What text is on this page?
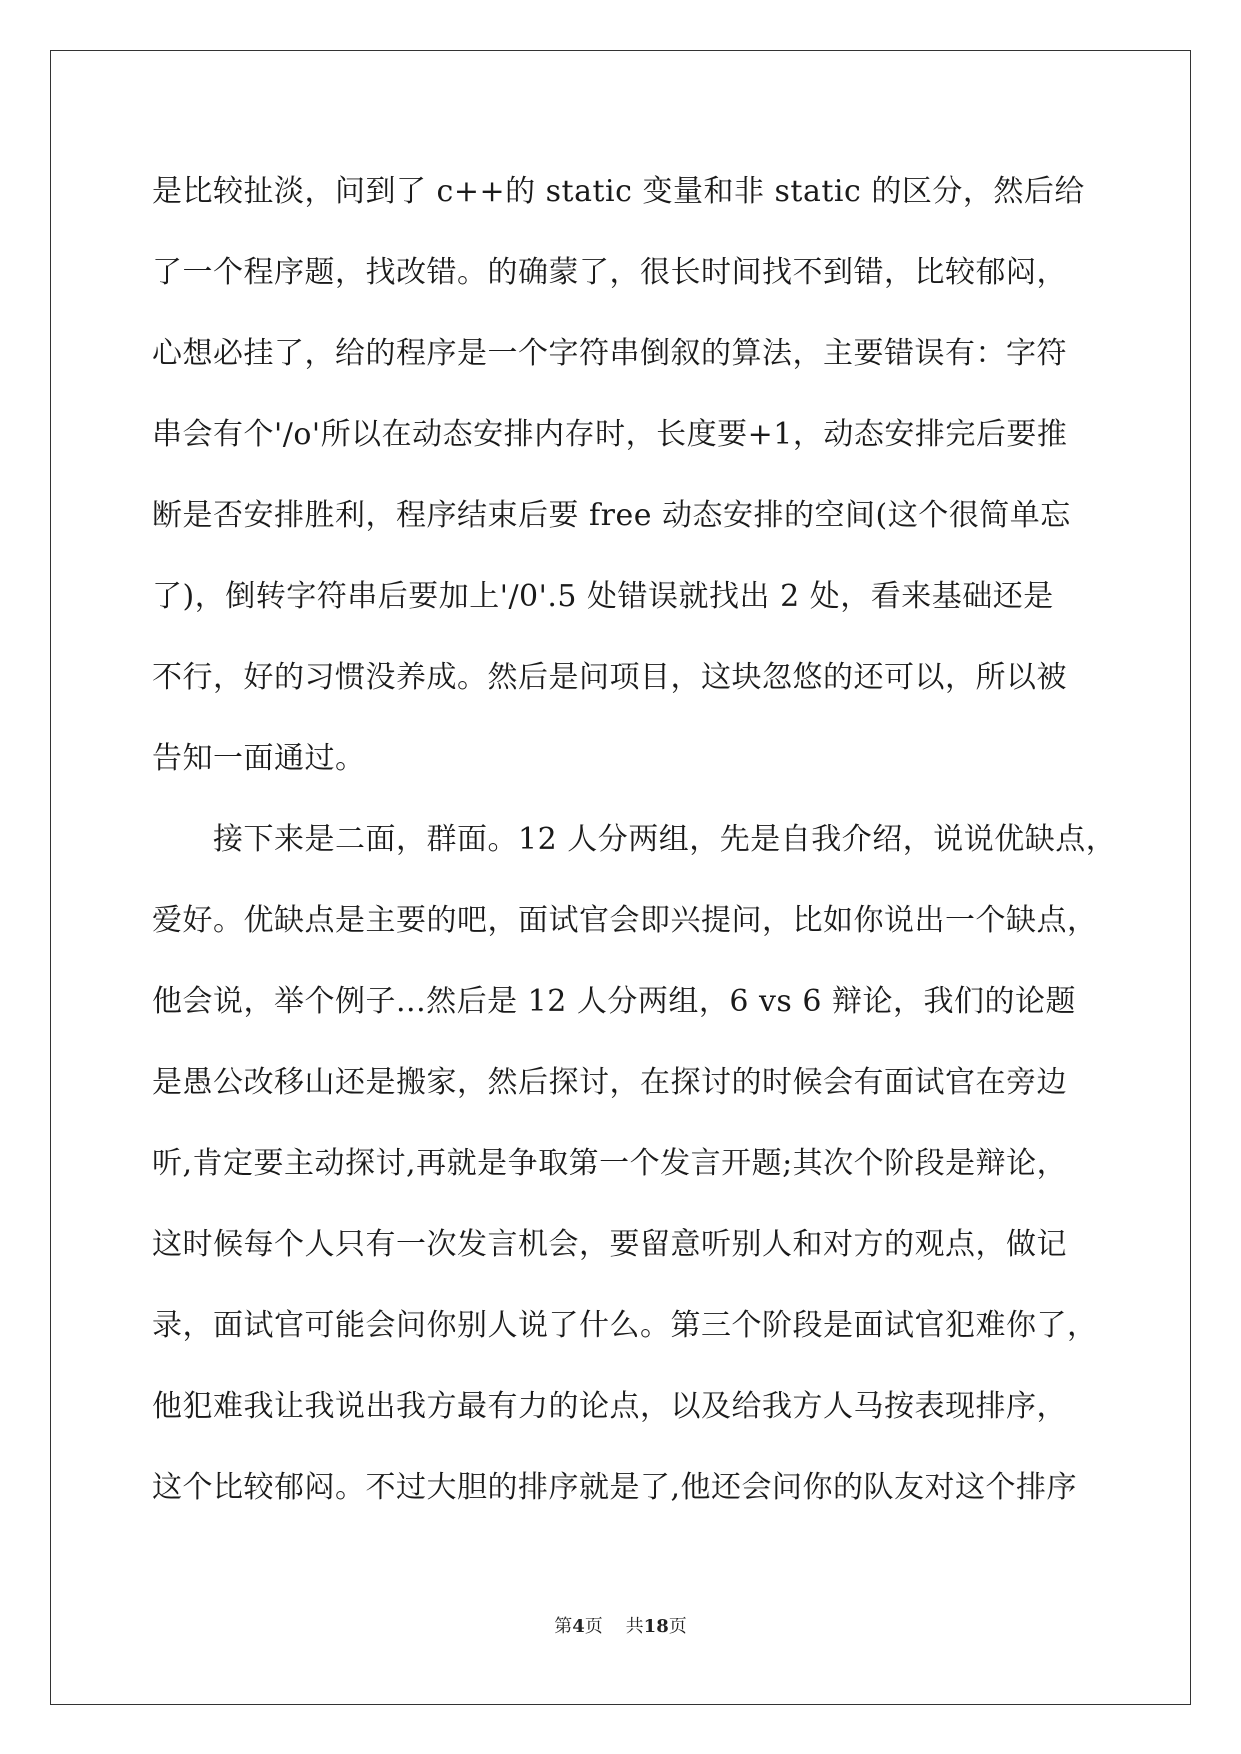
是比较扯淡，问到了 c++的 static 变量和非 static 的区分，然后给
了一个程序题，找改错。的确蒙了，很长时间找不到错，比较郁闷，
心想必挂了，给的程序是一个字符串倒叙的算法，主要错误有：字符
串会有个'/o'所以在动态安排内存时，长度要+1，动态安排完后要推
断是否安排胜利，程序结束后要 free 动态安排的空间(这个很简单忘
了)，倒转字符串后要加上'/0'.5 处错误就找出 2 处，看来基础还是
不行，好的习惯没养成。然后是问项目，这块忽悠的还可以，所以被
告知一面通过。
　　接下来是二面，群面。12 人分两组，先是自我介绍，说说优缺点，
爱好。优缺点是主要的吧，面试官会即兴提问，比如你说出一个缺点，
他会说，举个例子...然后是 12 人分两组，6 vs 6 辩论，我们的论题
是愚公改移山还是搬家，然后探讨，在探讨的时候会有面试官在旁边
听,肯定要主动探讨,再就是争取第一个发言开题;其次个阶段是辩论，
这时候每个人只有一次发言机会，要留意听别人和对方的观点，做记
录，面试官可能会问你别人说了什么。第三个阶段是面试官犯难你了，
他犯难我让我说出我方最有力的论点，以及给我方人马按表现排序，
这个比较郁闷。不过大胆的排序就是了,他还会问你的队友对这个排序
第4页 共18页
